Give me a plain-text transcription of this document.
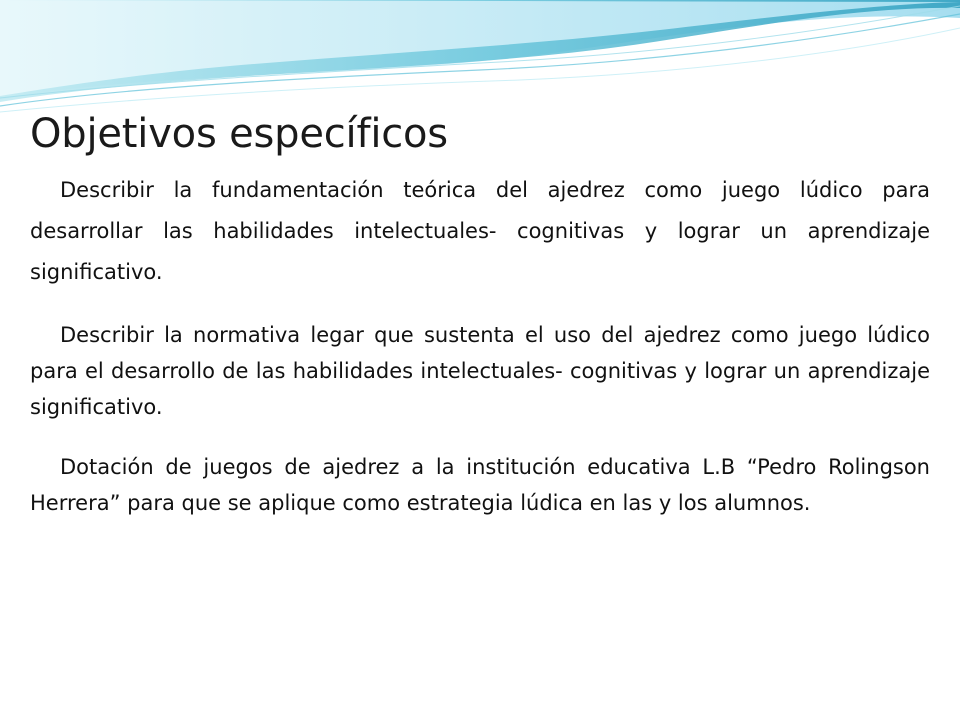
Objetivos específicos

Describir la fundamentación teórica del ajedrez como juego lúdico para desarrollar las habilidades intelectuales- cognitivas y lograr un aprendizaje significativo.

Describir la normativa legar que sustenta el uso del ajedrez como juego lúdico para el desarrollo de las habilidades intelectuales- cognitivas y lograr un aprendizaje significativo.

Dotación de juegos de ajedrez a la institución educativa L.B “Pedro Rolingson Herrera” para que se aplique como estrategia lúdica en las y los alumnos.
